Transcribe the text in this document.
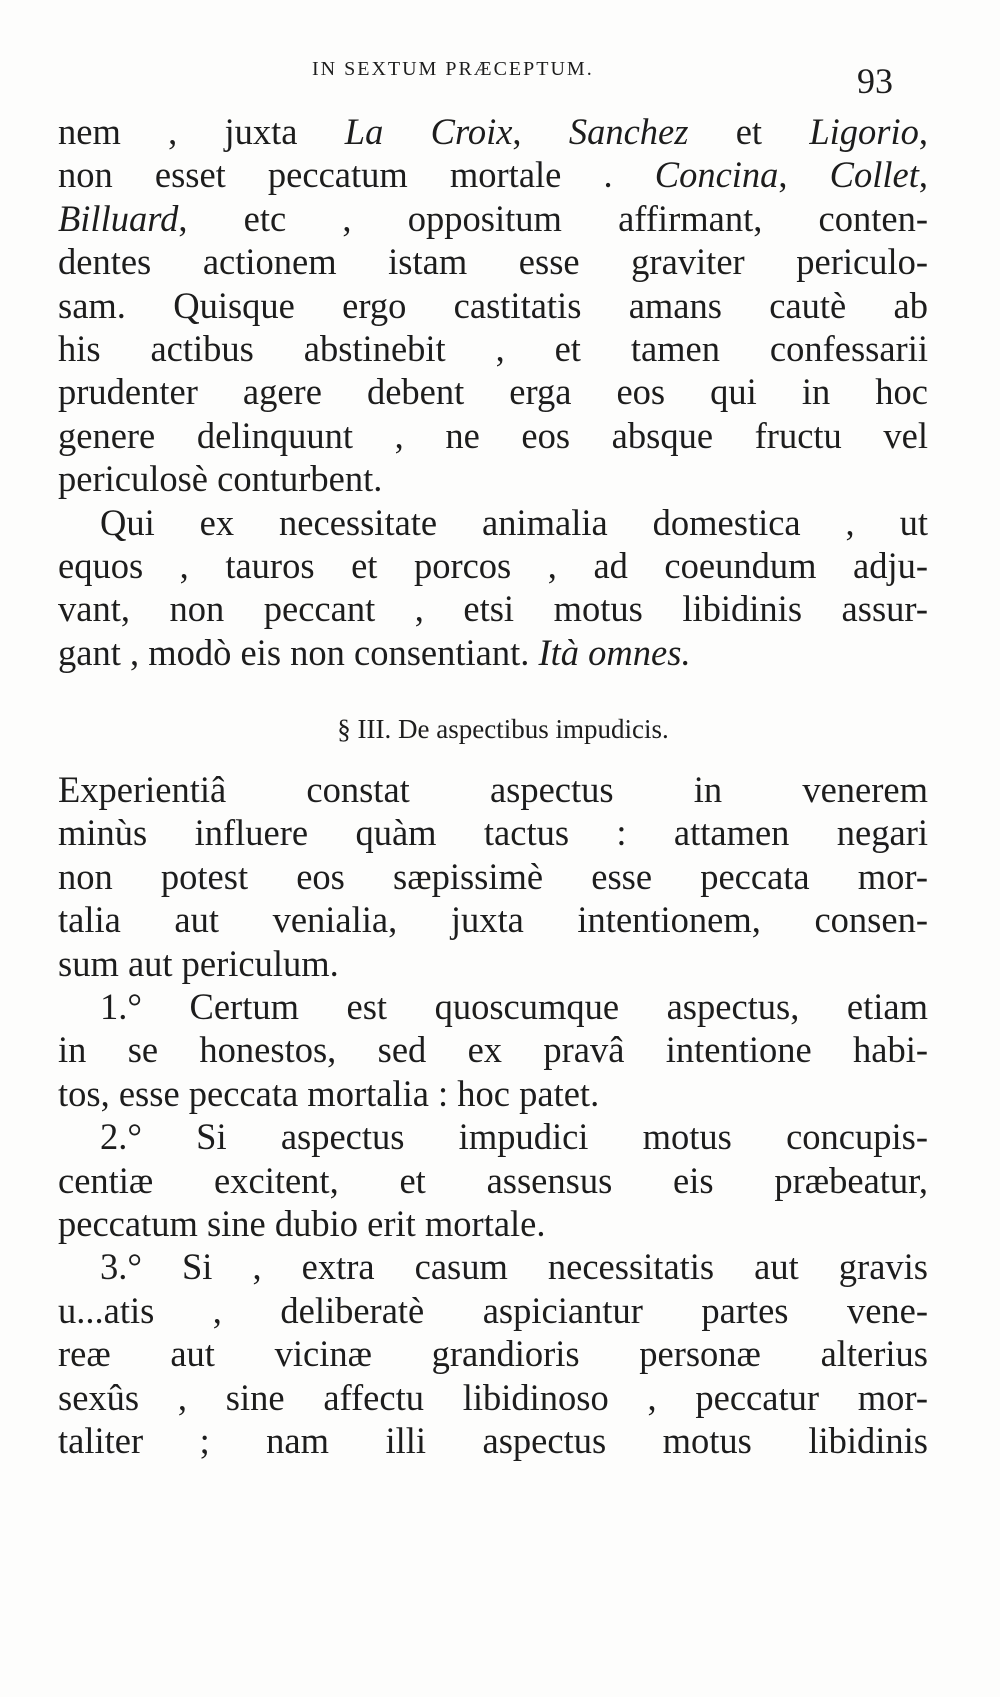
IN SEXTUM PRÆCEPTUM.	93
nem , juxta La Croix, Sanchez et Ligorio,
non esset peccatum mortale . Concina, Collet,
Billuard, etc , oppositum affirmant, conten-
dentes actionem istam esse graviter periculo-
sam. Quisque ergo castitatis amans cautè ab
his actibus abstinebit , et tamen confessarii
prudenter agere debent erga eos qui in hoc
genere delinquunt , ne eos absque fructu vel
periculosè conturbent.
Qui ex necessitate animalia domestica , ut
equos , tauros et porcos , ad coeundum adju-
vant, non peccant , etsi motus libidinis assur-
gant , modò eis non consentiant. Ità omnes.
§ III. De aspectibus impudicis.
Experientiâ constat aspectus in venerem
minùs influere quàm tactus : attamen negari
non potest eos sæpissimè esse peccata mor-
talia aut venialia, juxta intentionem, consen-
sum aut periculum.
1.° Certum est quoscumque aspectus, etiam
in se honestos, sed ex pravâ intentione habi-
tos, esse peccata mortalia : hoc patet.
2.° Si aspectus impudici motus concupis-
centiæ excitent, et assensus eis præbeatur,
peccatum sine dubio erit mortale.
3.° Si , extra casum necessitatis aut gravis
u...atis , deliberatè aspiciantur partes vene-
reæ aut vicinæ grandioris personæ alterius
sexûs , sine affectu libidinoso , peccatur mor-
taliter ; nam illi aspectus motus libidinis
